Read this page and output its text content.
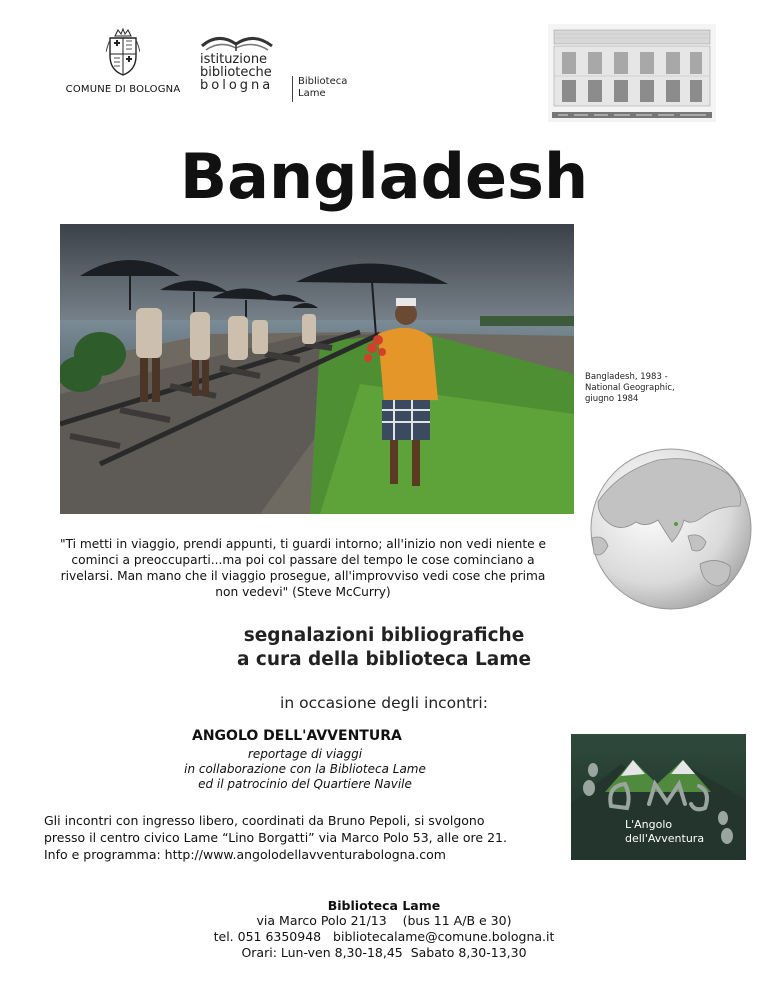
COMUNE DI BOLOGNA
istituzione
biblioteche
bologna Biblioteca
Lame
Bangladesh
Bangladesh, 1983 -
National Geographic,
giugno 1984
"Ti metti in viaggio, prendi appunti, ti guardi intorno; all'inizio non vedi niente e cominci a preoccuparti...ma poi col passare del tempo le cose cominciano a rivelarsi. Man mano che il viaggio prosegue, all'improvviso vedi cose che prima non vedevi" (Steve McCurry)
segnalazioni bibliografiche
a cura della biblioteca Lame
in occasione degli incontri:
ANGOLO DELL'AVVENTURA
reportage di viaggi
in collaborazione con la Biblioteca Lame
ed il patrocinio del Quartiere Navile
L'Angolo
dell'Avventura
Gli incontri con ingresso libero, coordinati da Bruno Pepoli, si svolgono
presso il centro civico Lame “Lino Borgatti” via Marco Polo 53, alle ore 21.
Info e programma: http://www.angolodellavventurabologna.com
Biblioteca Lame
via Marco Polo 21/13    (bus 11 A/B e 30)
tel. 051 6350948   bibliotecalame@comune.bologna.it
Orari: Lun-ven 8,30-18,45  Sabato 8,30-13,30
